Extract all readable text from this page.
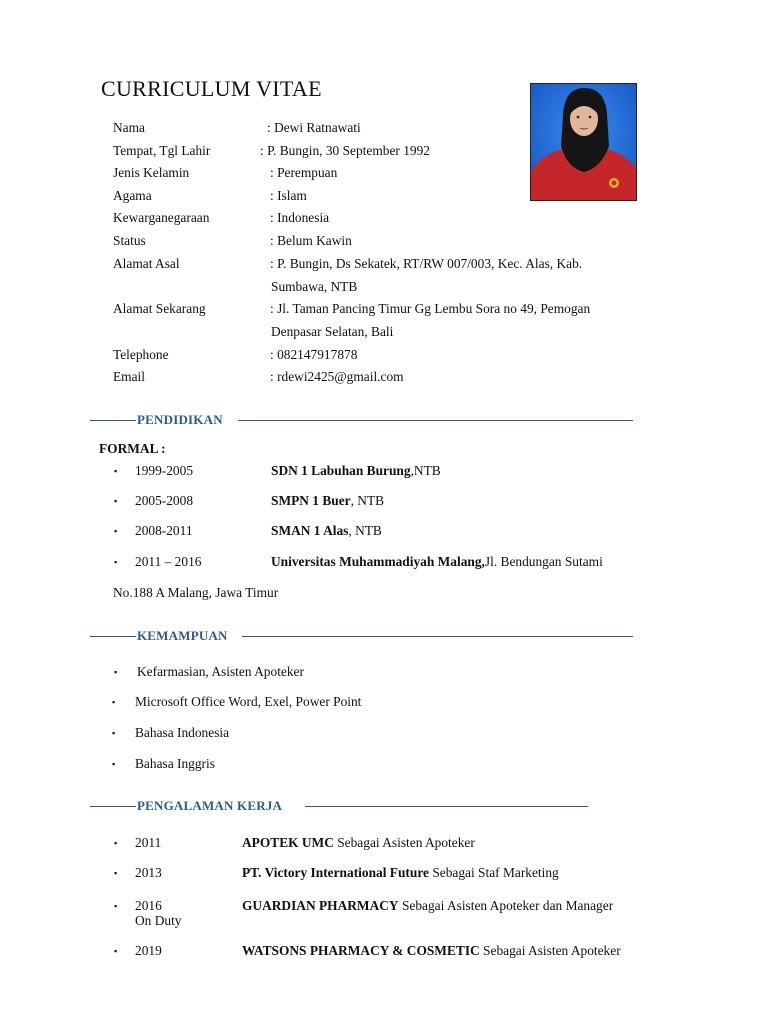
CURRICULUM VITAE
Nama	: Dewi Ratnawati
Tempat, Tgl Lahir	: P. Bungin, 30 September 1992
Jenis Kelamin	: Perempuan
Agama	: Islam
Kewarganegaraan	: Indonesia
Status	: Belum Kawin
Alamat Asal	: P. Bungin, Ds Sekatek, RT/RW 007/003, Kec. Alas, Kab.
Sumbawa, NTB
Alamat Sekarang	: Jl. Taman Pancing Timur Gg Lembu Sora no 49, Pemogan
Denpasar Selatan, Bali
Telephone	: 082147917878
Email	: rdewi2425@gmail.com
PENDIDIKAN
FORMAL :
▪ 1999-2005	SDN 1 Labuhan Burung,NTB
▪ 2005-2008	SMPN 1 Buer, NTB
▪ 2008-2011	SMAN 1 Alas, NTB
▪ 2011 – 2016	Universitas Muhammadiyah Malang,Jl. Bendungan Sutami
No.188 A Malang, Jawa Timur
KEMAMPUAN
▪ Kefarmasian, Asisten Apoteker
▪ Microsoft Office Word, Exel, Power Point
▪ Bahasa Indonesia
▪ Bahasa Inggris
PENGALAMAN KERJA
▪ 2011	APOTEK UMC Sebagai Asisten Apoteker
▪ 2013	PT. Victory International Future Sebagai Staf Marketing
▪ 2016	GUARDIAN PHARMACY Sebagai Asisten Apoteker dan Manager
On Duty
▪ 2019	WATSONS PHARMACY & COSMETIC Sebagai Asisten Apoteker
